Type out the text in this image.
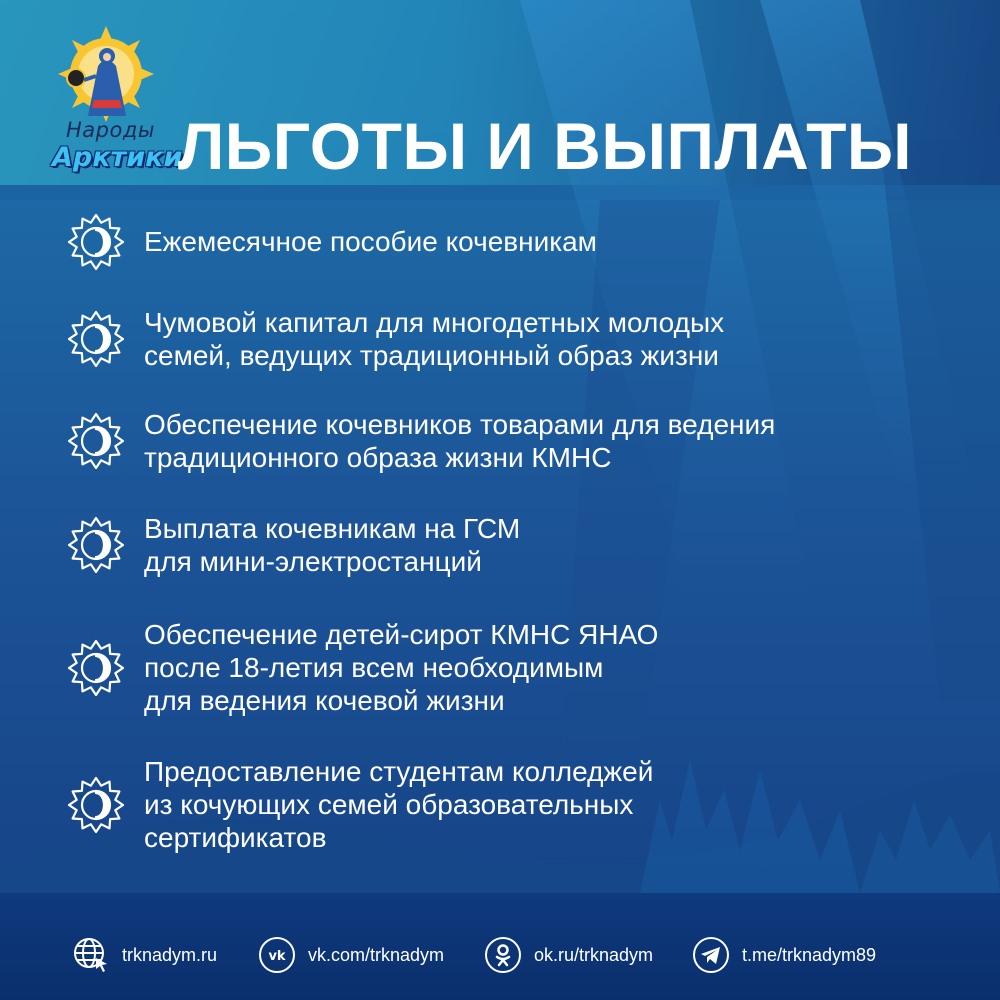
Народы
Арктики
ЛЬГОТЫ И ВЫПЛАТЫ
Ежемесячное пособие кочевникам
Чумовой капитал для многодетных молодых
семей, ведущих традиционный образ жизни
Обеспечение кочевников товарами для ведения
традиционного образа жизни КМНС
Выплата кочевникам на ГСМ
для мини-электростанций
Обеспечение детей-сирот КМНС ЯНАО
после 18-летия всем необходимым
для ведения кочевой жизни
Предоставление студентам колледжей
из кочующих семей образовательных
сертификатов
trknadym.ru	vk vk.com/trknadym	ok.ru/trknadym	t.me/trknadym89
